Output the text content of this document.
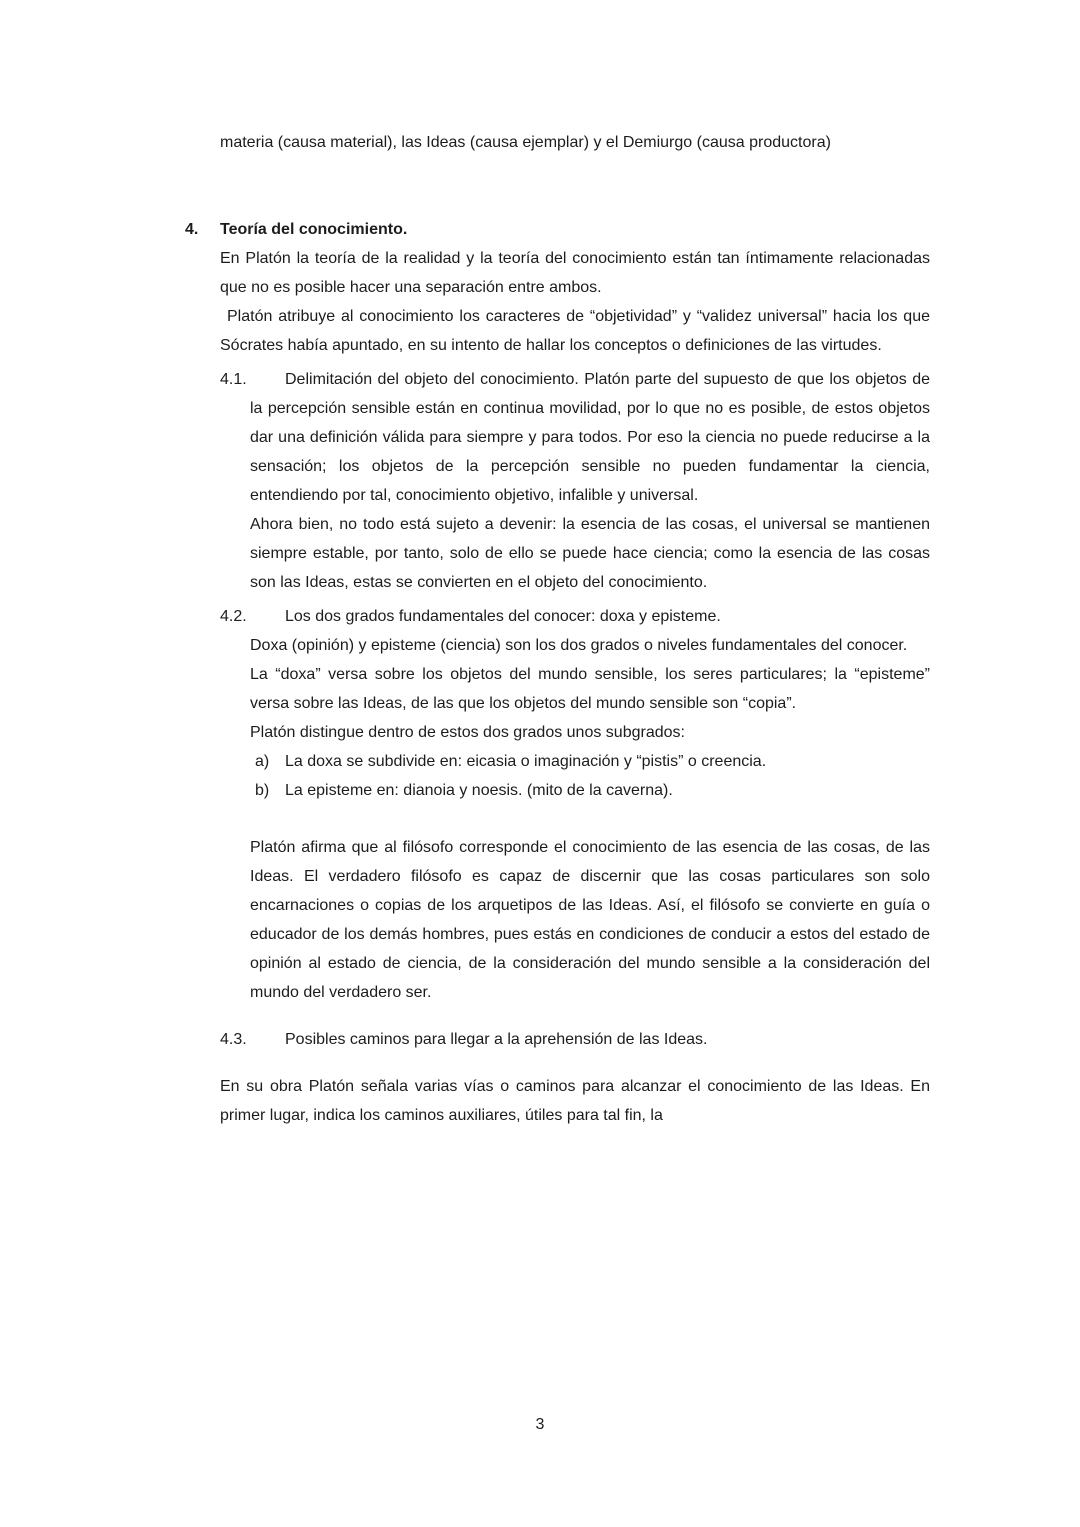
materia (causa material), las Ideas (causa ejemplar) y el Demiurgo (causa productora)

4. Teoría del conocimiento.

En Platón la teoría de la realidad y la teoría del conocimiento están tan íntimamente relacionadas que no es posible hacer una separación entre ambos.

Platón atribuye al conocimiento los caracteres de “objetividad” y “validez universal” hacia los que Sócrates había apuntado, en su intento de hallar los conceptos o definiciones de las virtudes.

4.1. Delimitación del objeto del conocimiento. Platón parte del supuesto de que los objetos de la percepción sensible están en continua movilidad, por lo que no es posible, de estos objetos dar una definición válida para siempre y para todos. Por eso la ciencia no puede reducirse a la sensación; los objetos de la percepción sensible no pueden fundamentar la ciencia, entendiendo por tal, conocimiento objetivo, infalible y universal.

Ahora bien, no todo está sujeto a devenir: la esencia de las cosas, el universal se mantienen siempre estable, por tanto, solo de ello se puede hace ciencia; como la esencia de las cosas son las Ideas, estas se convierten en el objeto del conocimiento.

4.2. Los dos grados fundamentales del conocer: doxa y episteme.

Doxa (opinión) y episteme (ciencia) son los dos grados o niveles fundamentales del conocer.

La “doxa” versa sobre los objetos del mundo sensible, los seres particulares; la “episteme” versa sobre las Ideas, de las que los objetos del mundo sensible son “copia”.

Platón distingue dentro de estos dos grados unos subgrados:

a) La doxa se subdivide en: eicasia o imaginación y “pistis” o creencia.

b) La episteme en: dianoia y noesis. (mito de la caverna).

Platón afirma que al filósofo corresponde el conocimiento de las esencia de las cosas, de las Ideas. El verdadero filósofo es capaz de discernir que las cosas particulares son solo encarnaciones o copias de los arquetipos de las Ideas. Así, el filósofo se convierte en guía o educador de los demás hombres, pues estás en condiciones de conducir a estos del estado de opinión al estado de ciencia, de la consideración del mundo sensible a la consideración del mundo del verdadero ser.

4.3. Posibles caminos para llegar a la aprehensión de las Ideas.

En su obra Platón señala varias vías o caminos para alcanzar el conocimiento de las Ideas. En primer lugar, indica los caminos auxiliares, útiles para tal fin, la

3
